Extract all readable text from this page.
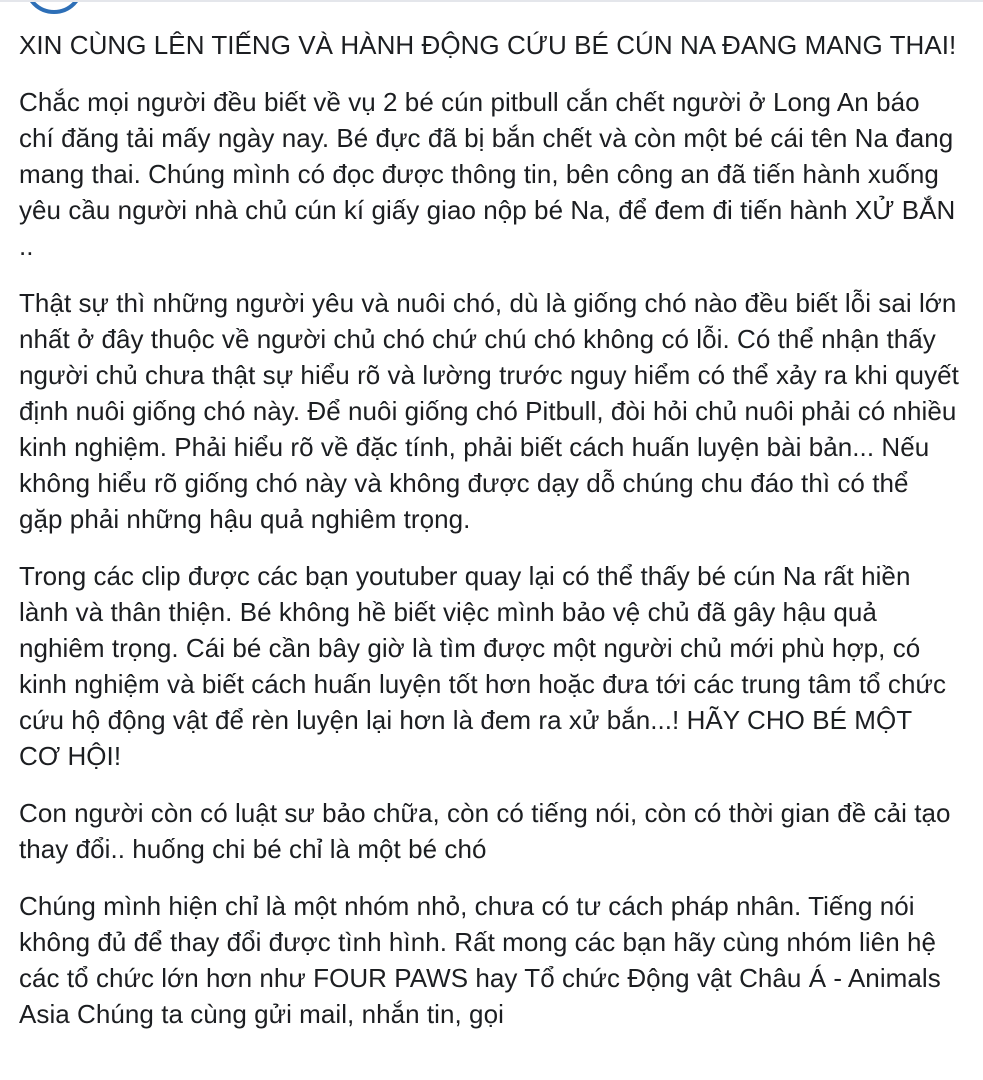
XIN CÙNG LÊN TIẾNG VÀ HÀNH ĐỘNG CỨU BÉ CÚN NA ĐANG MANG THAI!

Chắc mọi người đều biết về vụ 2 bé cún pitbull cắn chết người ở Long An báo chí đăng tải mấy ngày nay. Bé đực đã bị bắn chết và còn một bé cái tên Na đang mang thai. Chúng mình có đọc được thông tin, bên công an đã tiến hành xuống yêu cầu người nhà chủ cún kí giấy giao nộp bé Na, để đem đi tiến hành XỬ BẮN ..

Thật sự thì những người yêu và nuôi chó, dù là giống chó nào đều biết lỗi sai lớn nhất ở đây thuộc về người chủ chó chứ chú chó không có lỗi. Có thể nhận thấy người chủ chưa thật sự hiểu rõ và lường trước nguy hiểm có thể xảy ra khi quyết định nuôi giống chó này. Để nuôi giống chó Pitbull, đòi hỏi chủ nuôi phải có nhiều kinh nghiệm. Phải hiểu rõ về đặc tính, phải biết cách huấn luyện bài bản... Nếu không hiểu rõ giống chó này và không được dạy dỗ chúng chu đáo thì có thể gặp phải những hậu quả nghiêm trọng.

Trong các clip được các bạn youtuber quay lại có thể thấy bé cún Na rất hiền lành và thân thiện. Bé không hề biết việc mình bảo vệ chủ đã gây hậu quả nghiêm trọng. Cái bé cần bây giờ là tìm được một người chủ mới phù hợp, có kinh nghiệm và biết cách huấn luyện tốt hơn hoặc đưa tới các trung tâm tổ chức cứu hộ động vật để rèn luyện lại hơn là đem ra xử bắn...! HÃY CHO BÉ MỘT CƠ HỘI!

Con người còn có luật sư bảo chữa, còn có tiếng nói, còn có thời gian đề cải tạo thay đổi.. huống chi bé chỉ là một bé chó

Chúng mình hiện chỉ là một nhóm nhỏ, chưa có tư cách pháp nhân. Tiếng nói không đủ để thay đổi được tình hình. Rất mong các bạn hãy cùng nhóm liên hệ các tổ chức lớn hơn như FOUR PAWS hay Tổ chức Động vật Châu Á - Animals Asia Chúng ta cùng gửi mail, nhắn tin, gọi
